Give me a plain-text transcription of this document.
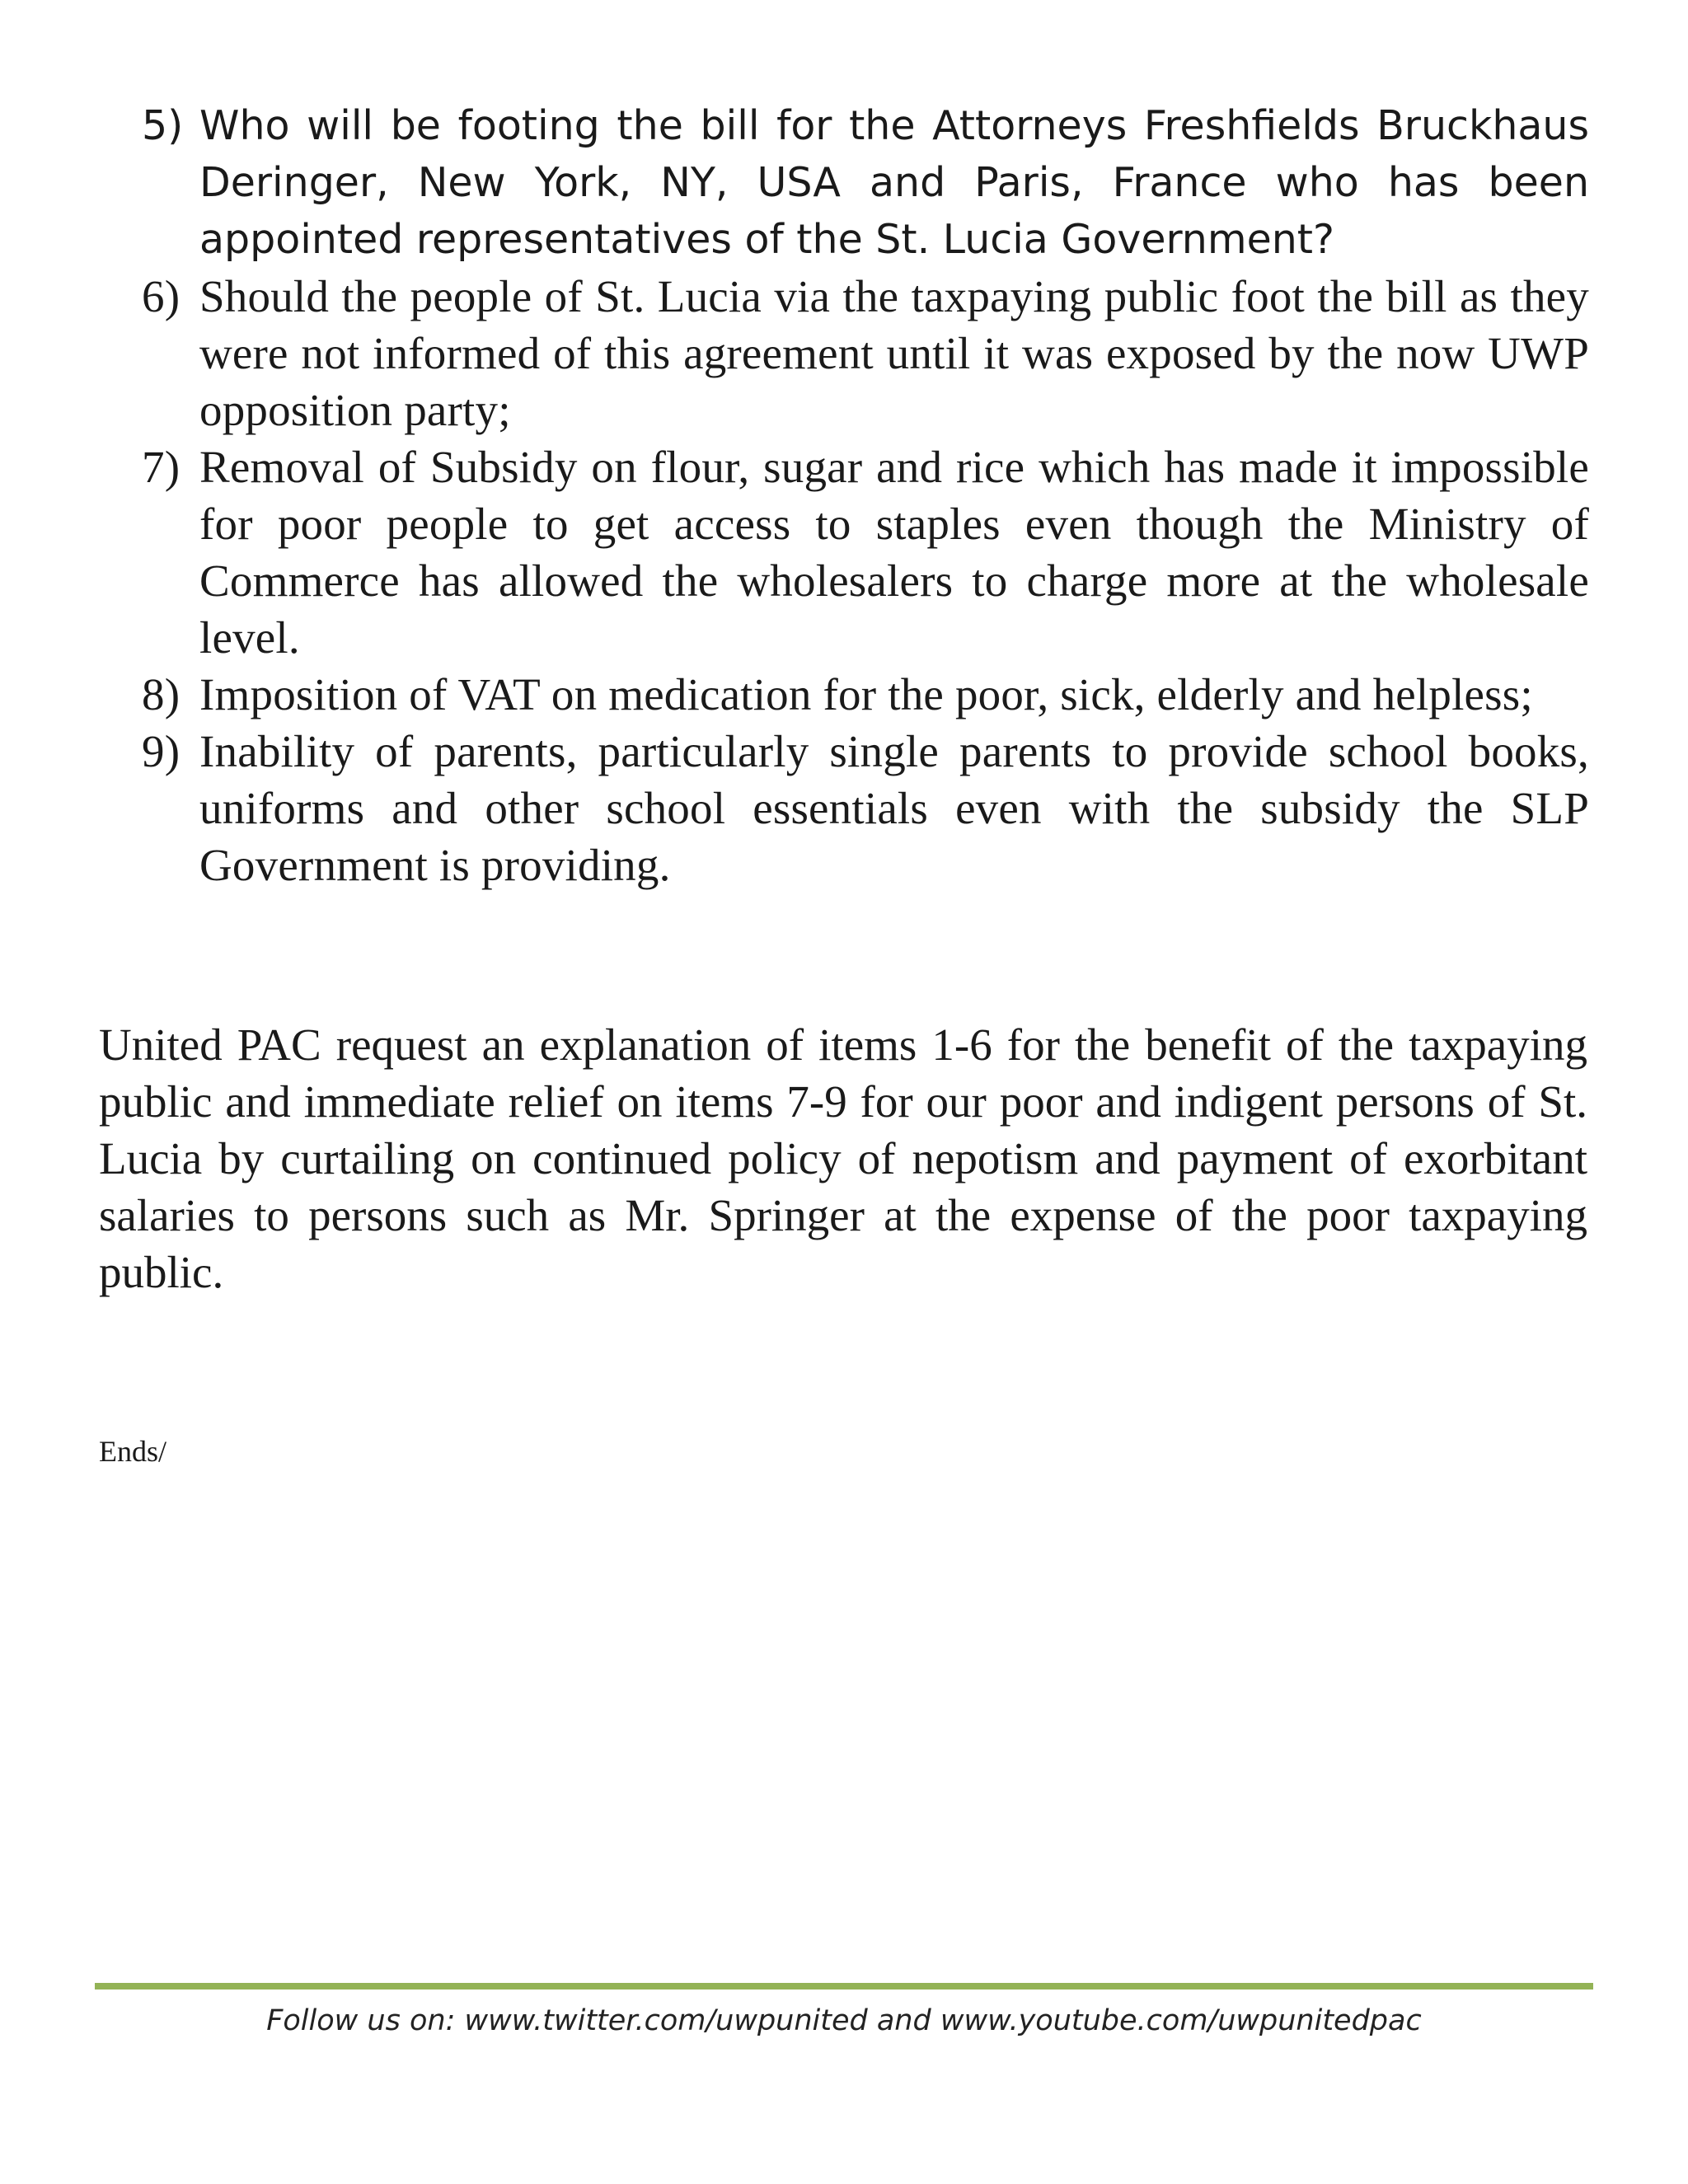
5) Who will be footing the bill for the Attorneys Freshfields Bruckhaus Deringer, New York, NY, USA and Paris, France who has been appointed representatives of the St. Lucia Government?
6) Should the people of St. Lucia via the taxpaying public foot the bill as they were not informed of this agreement until it was exposed by the now UWP opposition party;
7) Removal of Subsidy on flour, sugar and rice which has made it impossible for poor people to get access to staples even though the Ministry of Commerce has allowed the wholesalers to charge more at the wholesale level.
8) Imposition of VAT on medication for the poor, sick, elderly and helpless;
9) Inability of parents, particularly single parents to provide school books, uniforms and other school essentials even with the subsidy the SLP Government is providing.

United PAC request an explanation of items 1-6 for the benefit of the taxpaying public and immediate relief on items 7-9 for our poor and indigent persons of St. Lucia by curtailing on continued policy of nepotism and payment of exorbitant salaries to persons such as Mr. Springer at the expense of the poor taxpaying public.

Ends/

Follow us on: www.twitter.com/uwpunited and www.youtube.com/uwpunitedpac
